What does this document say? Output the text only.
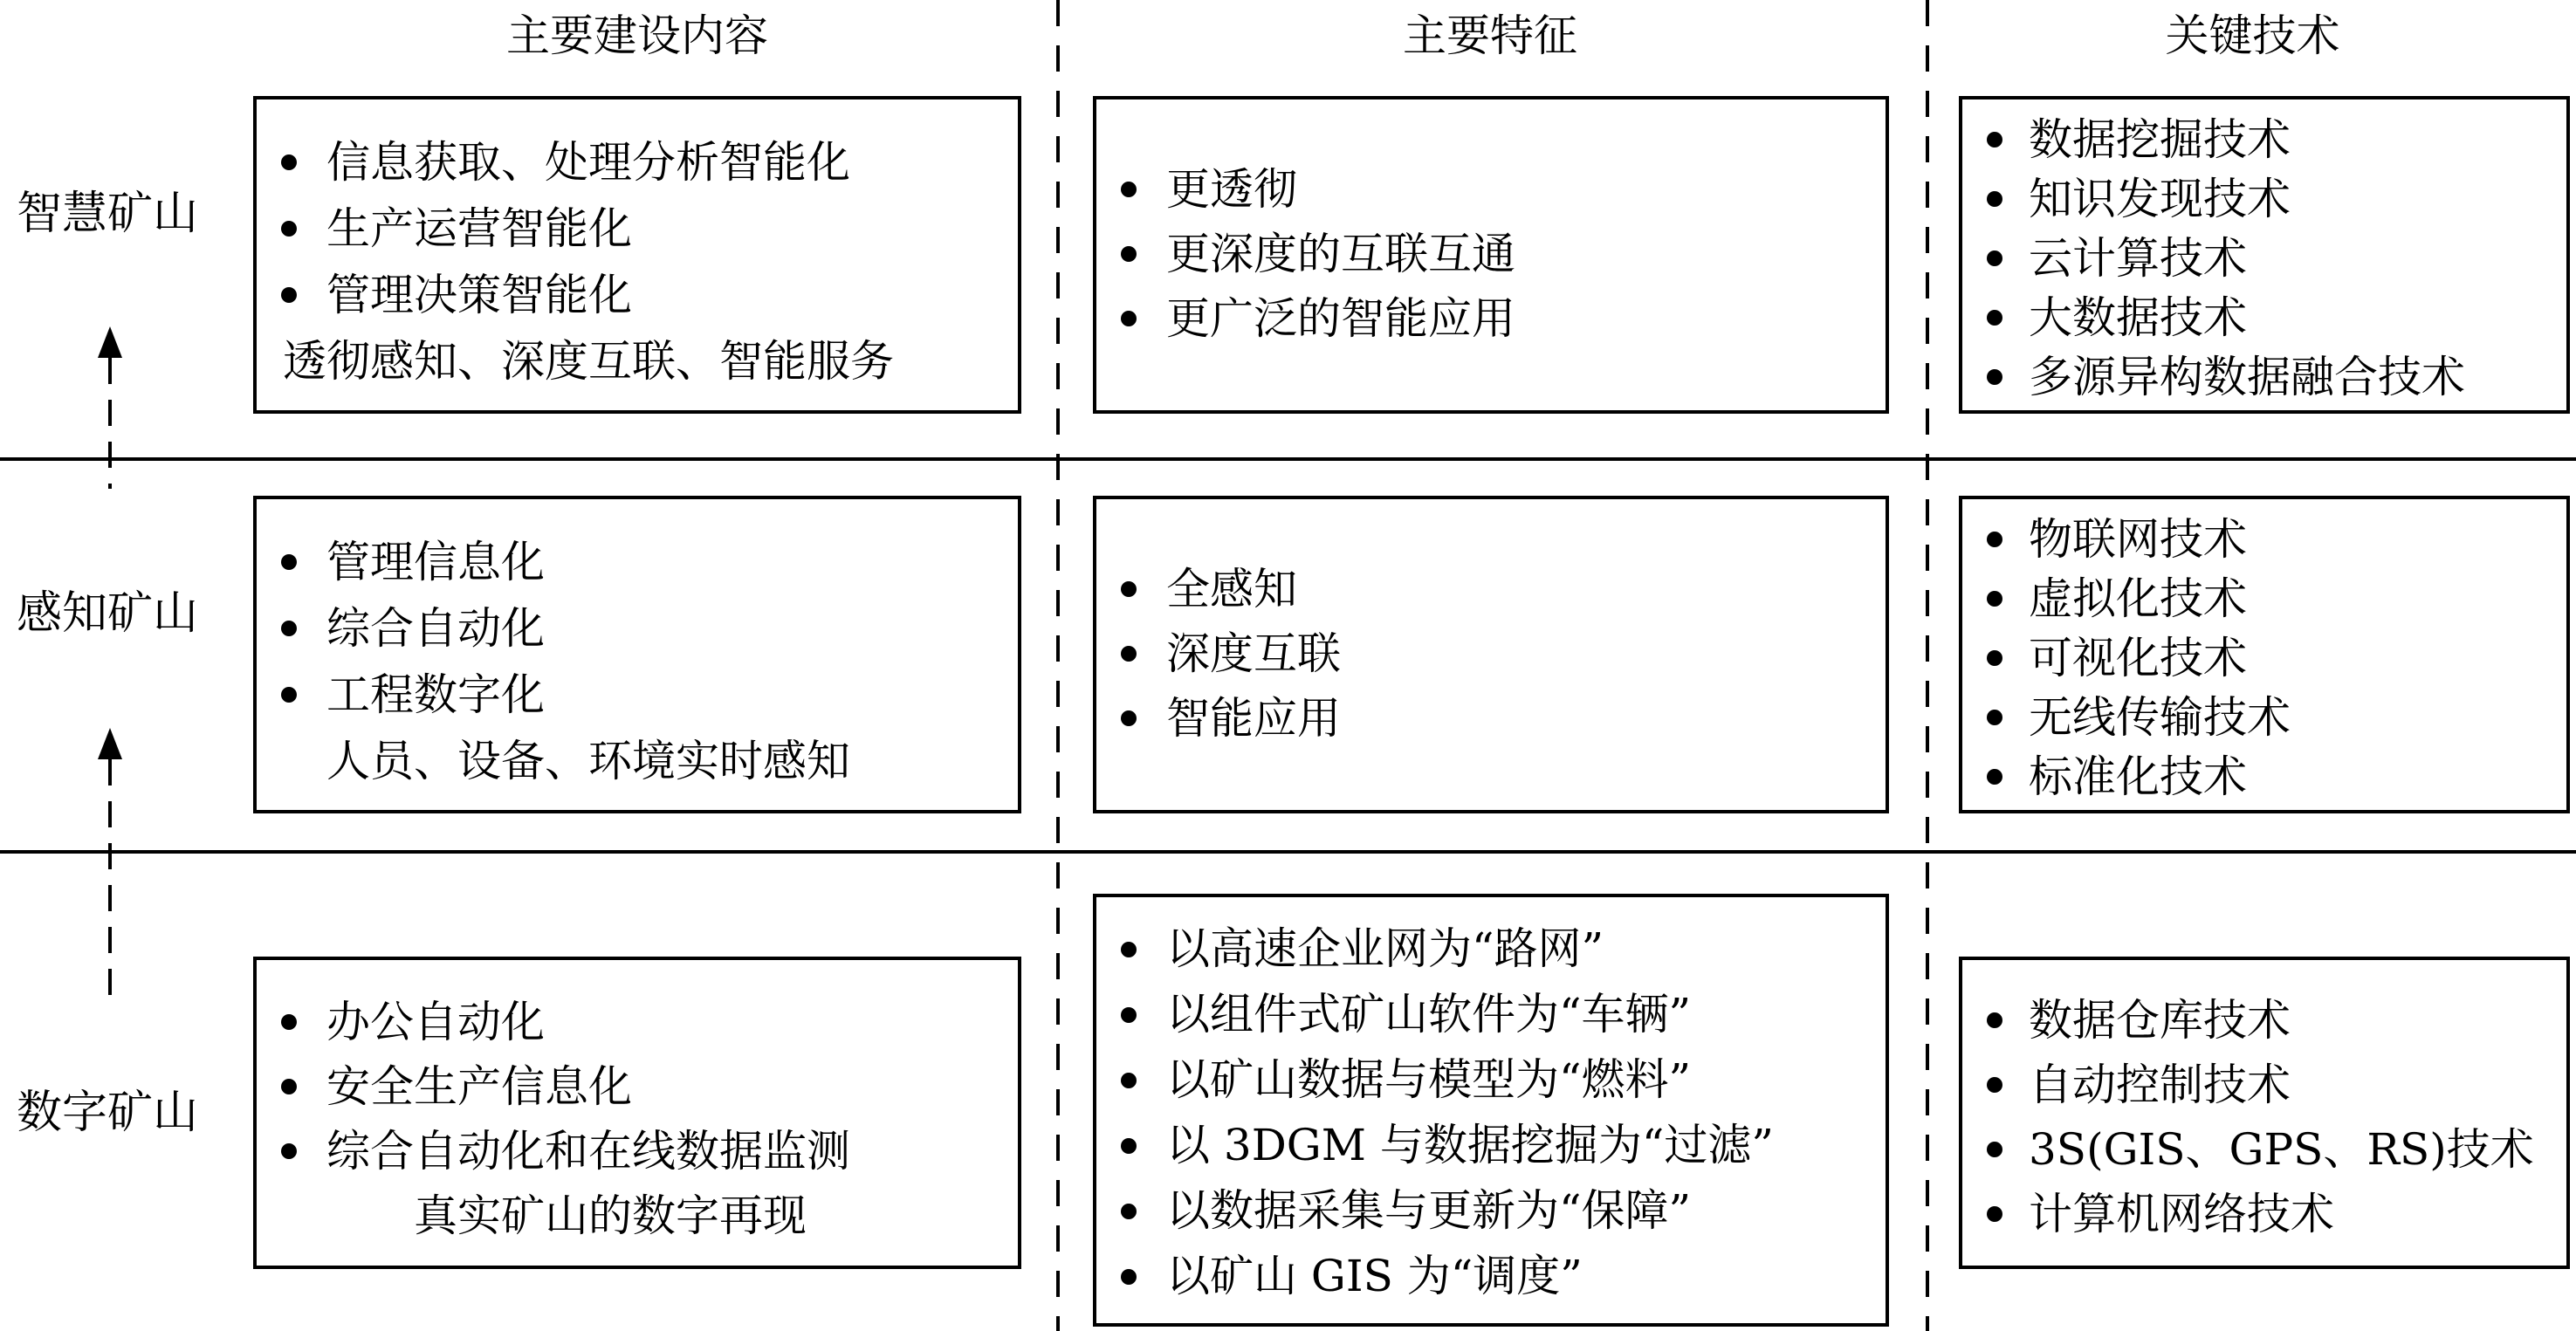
主要建设内容	主要特征	关键技术
智慧矿山
感知矿山
数字矿山
信息获取、处理分析智能化
生产运营智能化
管理决策智能化
透彻感知、深度互联、智能服务
更透彻
更深度的互联互通
更广泛的智能应用
数据挖掘技术
知识发现技术
云计算技术
大数据技术
多源异构数据融合技术
管理信息化
综合自动化
工程数字化
人员、设备、环境实时感知
全感知
深度互联
智能应用
物联网技术
虚拟化技术
可视化技术
无线传输技术
标准化技术
办公自动化
安全生产信息化
综合自动化和在线数据监测
真实矿山的数字再现
以高速企业网为“路网”
以组件式矿山软件为“车辆”
以矿山数据与模型为“燃料”
以 3DGM 与数据挖掘为“过滤”
以数据采集与更新为“保障”
以矿山 GIS 为“调度”
数据仓库技术
自动控制技术
3S(GIS、GPS、RS)技术
计算机网络技术
